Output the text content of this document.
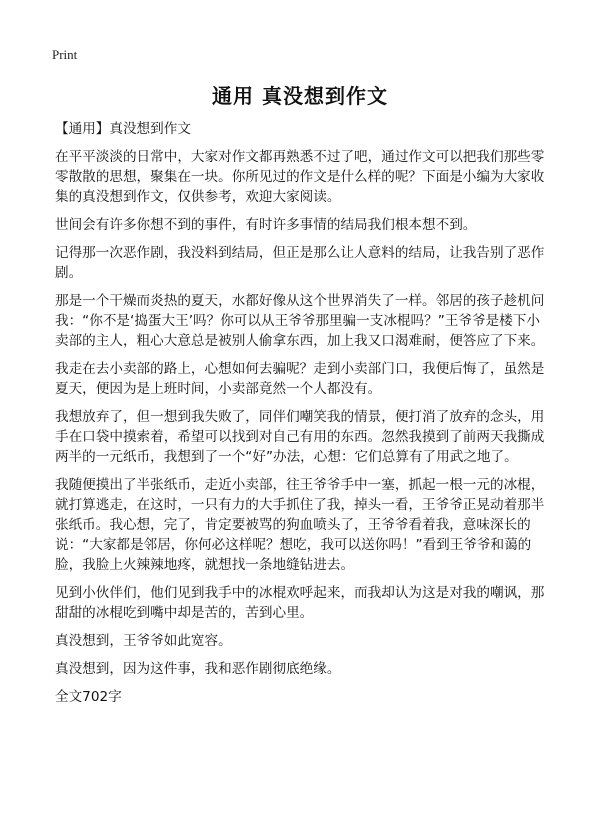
Print
通用 真没想到作文

【通用】真没想到作文

在平平淡淡的日常中，大家对作文都再熟悉不过了吧，通过作文可以把我们那些零零散散的思想，聚集在一块。你所见过的作文是什么样的呢？下面是小编为大家收集的真没想到作文，仅供参考，欢迎大家阅读。

世间会有许多你想不到的事件，有时许多事情的结局我们根本想不到。

记得那一次恶作剧，我没料到结局，但正是那么让人意料的结局，让我告别了恶作剧。

那是一个干燥而炎热的夏天，水都好像从这个世界消失了一样。邻居的孩子趁机问我：“你不是‘捣蛋大王’吗？你可以从王爷爷那里骗一支冰棍吗？”王爷爷是楼下小卖部的主人，粗心大意总是被别人偷拿东西，加上我又口渴难耐，便答应了下来。

我走在去小卖部的路上，心想如何去骗呢？走到小卖部门口，我便后悔了，虽然是夏天，便因为是上班时间，小卖部竟然一个人都没有。

我想放弃了，但一想到我失败了，同伴们嘲笑我的情景，便打消了放弃的念头，用手在口袋中摸索着，希望可以找到对自己有用的东西。忽然我摸到了前两天我撕成两半的一元纸币，我想到了一个“好”办法，心想：它们总算有了用武之地了。

我随便摸出了半张纸币，走近小卖部，往王爷爷手中一塞，抓起一根一元的冰棍，就打算逃走，在这时，一只有力的大手抓住了我，掉头一看，王爷爷正晃动着那半张纸币。我心想，完了，肯定要被骂的狗血喷头了，王爷爷看着我，意味深长的说：“大家都是邻居，你何必这样呢？想吃，我可以送你吗！”看到王爷爷和蔼的脸，我脸上火辣辣地疼，就想找一条地缝钻进去。

见到小伙伴们，他们见到我手中的冰棍欢呼起来，而我却认为这是对我的嘲讽，那甜甜的冰棍吃到嘴中却是苦的，苦到心里。

真没想到，王爷爷如此宽容。

真没想到，因为这件事，我和恶作剧彻底绝缘。

全文702字
